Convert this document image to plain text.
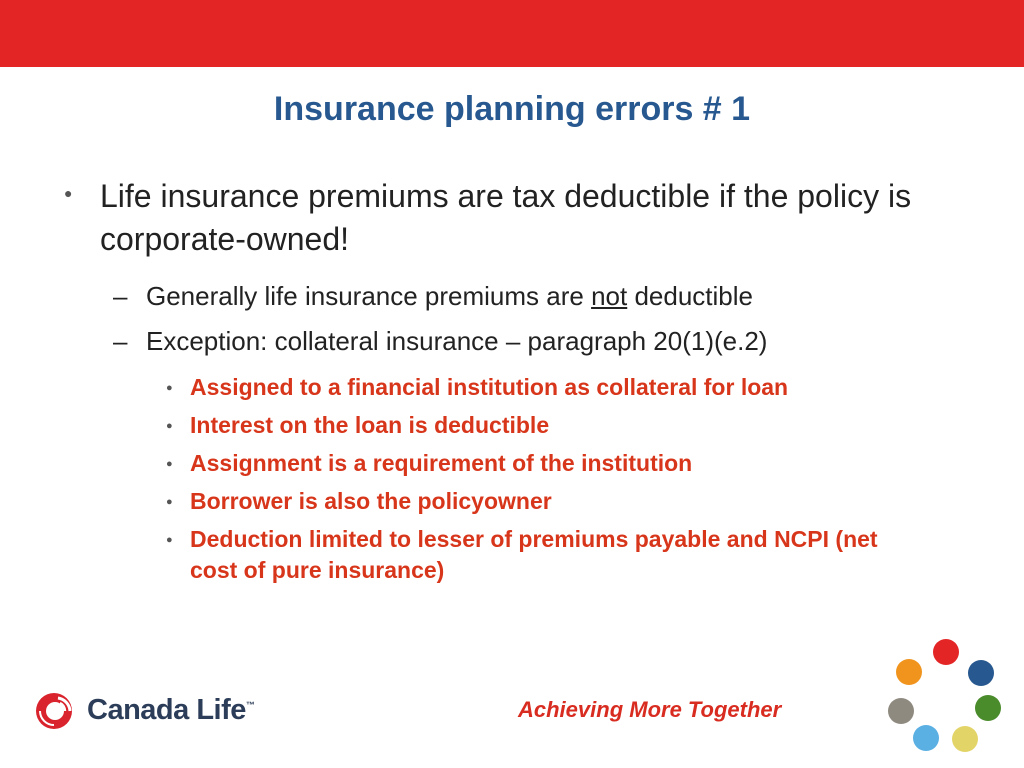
Insurance planning errors # 1
● Life insurance premiums are tax deductible if the policy is corporate-owned!
– Generally life insurance premiums are not deductible
– Exception: collateral insurance – paragraph 20(1)(e.2)
● Assigned to a financial institution as collateral for loan
● Interest on the loan is deductible
● Assignment is a requirement of the institution
● Borrower is also the policyowner
● Deduction limited to lesser of premiums payable and NCPI (net cost of pure insurance)
Canada Life™	Achieving More Together
